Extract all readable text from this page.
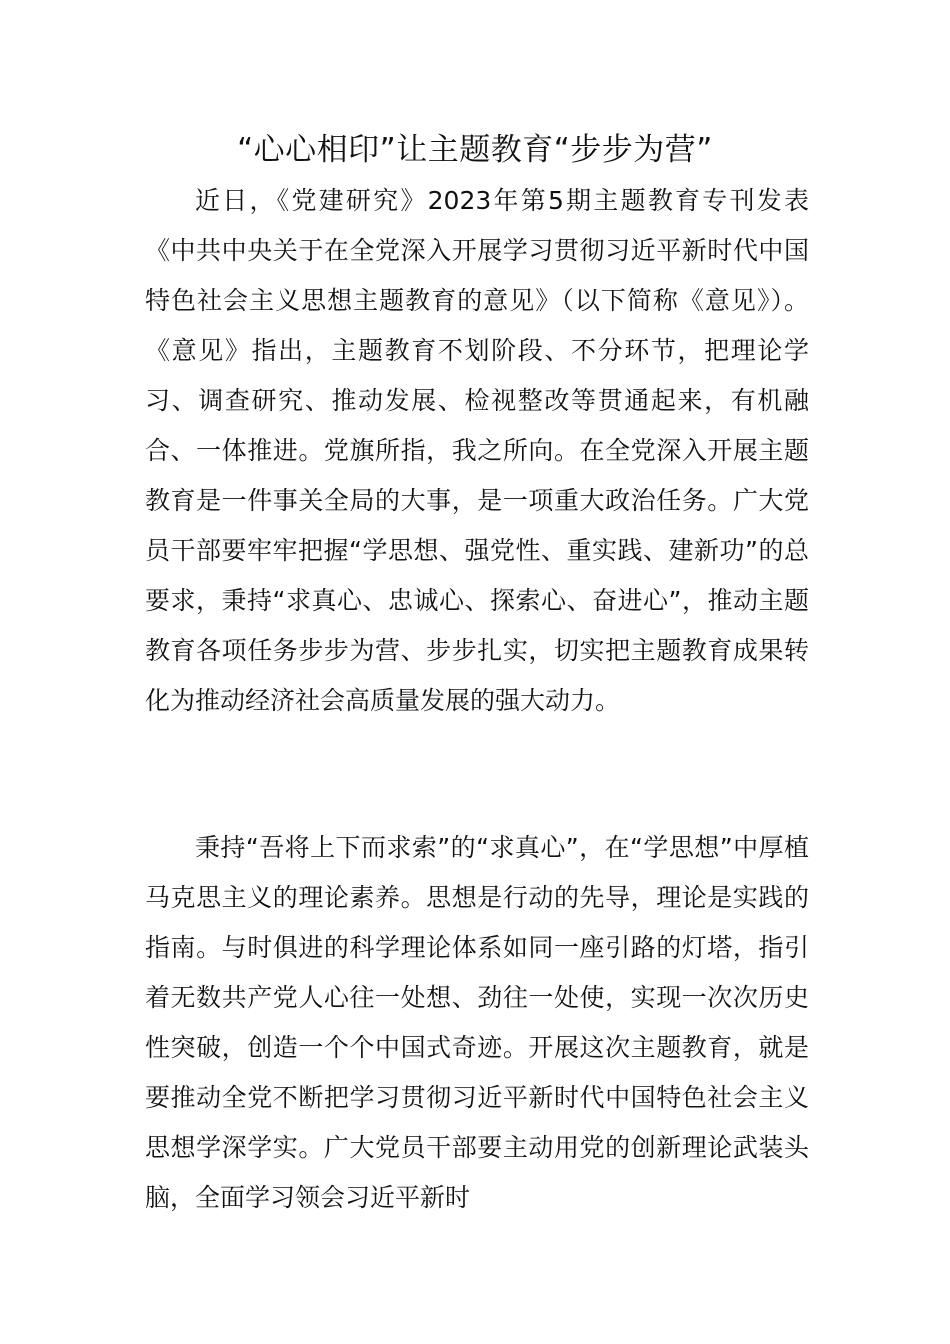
“心心相印”让主题教育“步步为营”

近日，《党建研究》2023年第5期主题教育专刊发表《中共中央关于在全党深入开展学习贯彻习近平新时代中国特色社会主义思想主题教育的意见》（以下简称《意见》）。《意见》指出，主题教育不划阶段、不分环节，把理论学习、调查研究、推动发展、检视整改等贯通起来，有机融合、一体推进。党旗所指，我之所向。在全党深入开展主题教育是一件事关全局的大事，是一项重大政治任务。广大党员干部要牢牢把握“学思想、强党性、重实践、建新功”的总要求，秉持“求真心、忠诚心、探索心、奋进心”，推动主题教育各项任务步步为营、步步扎实，切实把主题教育成果转化为推动经济社会高质量发展的强大动力。

秉持“吾将上下而求索”的“求真心”，在“学思想”中厚植马克思主义的理论素养。思想是行动的先导，理论是实践的指南。与时俱进的科学理论体系如同一座引路的灯塔，指引着无数共产党人心往一处想、劲往一处使，实现一次次历史性突破，创造一个个中国式奇迹。开展这次主题教育，就是要推动全党不断把学习贯彻习近平新时代中国特色社会主义思想学深学实。广大党员干部要主动用党的创新理论武装头脑，全面学习领会习近平新时
